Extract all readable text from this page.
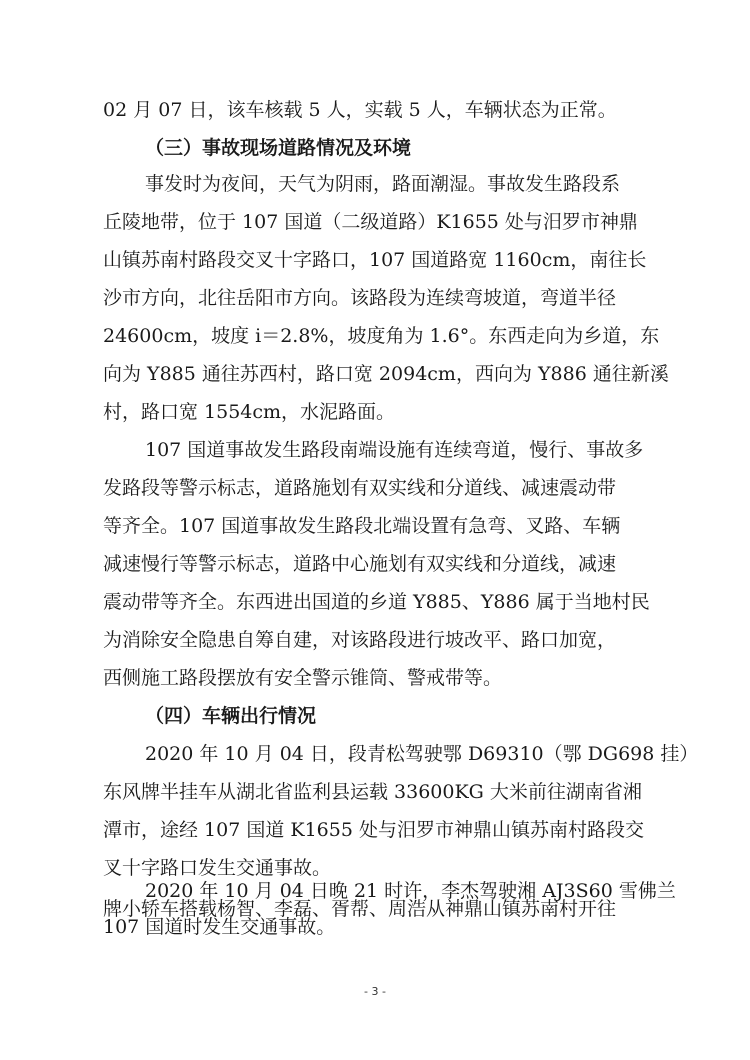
02 月 07 日，该车核载 5 人，实载 5 人，车辆状态为正常。
（三）事故现场道路情况及环境
事发时为夜间，天气为阴雨，路面潮湿。事故发生路段系
丘陵地带，位于 107 国道（二级道路）K1655 处与汨罗市神鼎
山镇苏南村路段交叉十字路口，107 国道路宽 1160cm，南往长
沙市方向，北往岳阳市方向。该路段为连续弯坡道，弯道半径
24600cm，坡度 i＝2.8%，坡度角为 1.6°。东西走向为乡道，东
向为 Y885 通往苏西村，路口宽 2094cm，西向为 Y886 通往新溪
村，路口宽 1554cm，水泥路面。
107 国道事故发生路段南端设施有连续弯道，慢行、事故多
发路段等警示标志，道路施划有双实线和分道线、减速震动带
等齐全。107 国道事故发生路段北端设置有急弯、叉路、车辆
减速慢行等警示标志，道路中心施划有双实线和分道线，减速
震动带等齐全。东西进出国道的乡道 Y885、Y886 属于当地村民
为消除安全隐患自筹自建，对该路段进行坡改平、路口加宽，
西侧施工路段摆放有安全警示锥筒、警戒带等。
（四）车辆出行情况
2020 年 10 月 04 日，段青松驾驶鄂 D69310（鄂 DG698 挂）
东风牌半挂车从湖北省监利县运载 33600KG 大米前往湖南省湘
潭市，途经 107 国道 K1655 处与汨罗市神鼎山镇苏南村路段交
叉十字路口发生交通事故。
2020 年 10 月 04 日晚 21 时许，李杰驾驶湘 AJ3S60 雪佛兰
牌小轿车搭载杨智、李磊、胥帮、周浩从神鼎山镇苏南村开往
- 3 -
107 国道时发生交通事故。
